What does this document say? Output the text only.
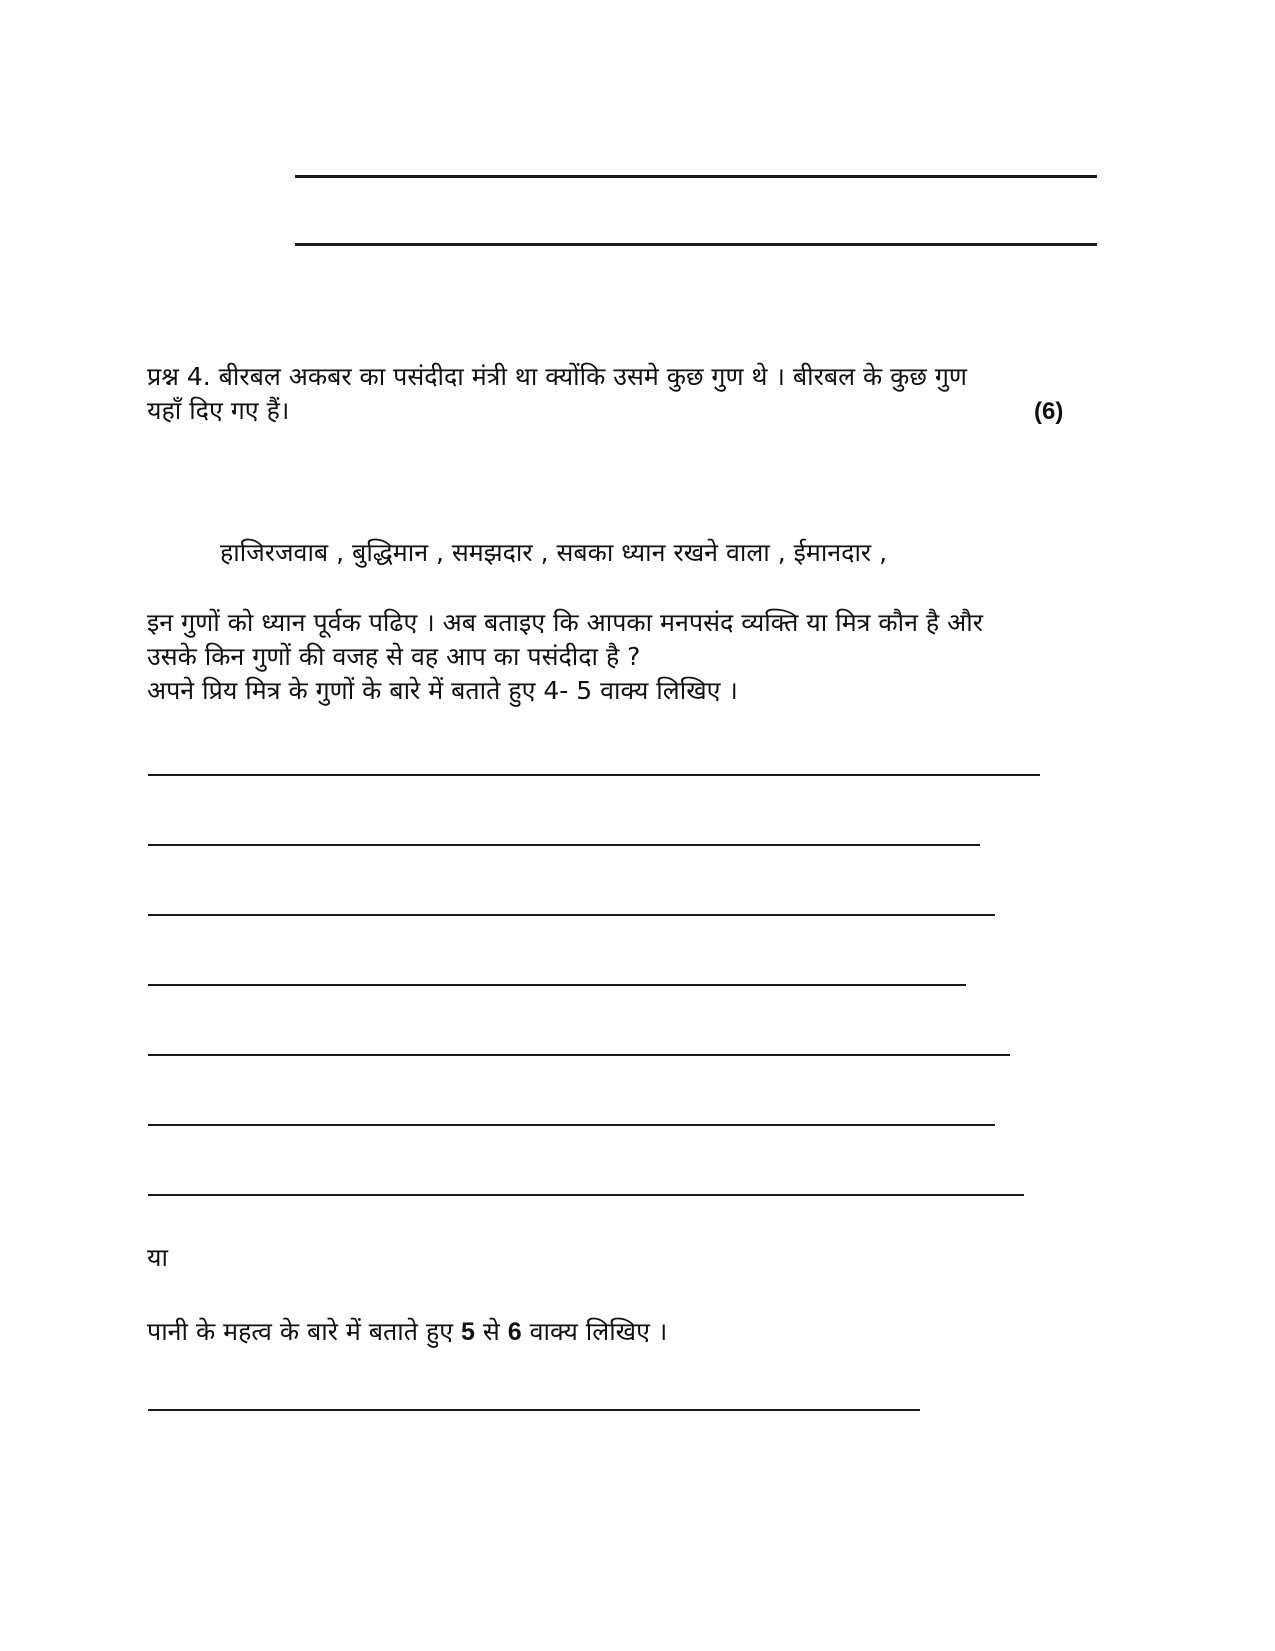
प्रश्न 4. बीरबल अकबर का पसंदीदा मंत्री था क्योंकि उसमे कुछ गुण थे । बीरबल के कुछ गुण
यहाँ दिए गए हैं।	(6)
हाजिरजवाब , बुद्धिमान , समझदार , सबका ध्यान रखने वाला , ईमानदार ,
इन गुणों को ध्यान पूर्वक पढिए । अब बताइए कि आपका मनपसंद व्यक्ति या मित्र कौन है और
उसके किन गुणों की वजह से वह आप का पसंदीदा है ?
अपने प्रिय मित्र के गुणों के बारे में बताते हुए 4- 5 वाक्य लिखिए ।
या
पानी के महत्व के बारे में बताते हुए 5 से 6 वाक्य लिखिए ।
